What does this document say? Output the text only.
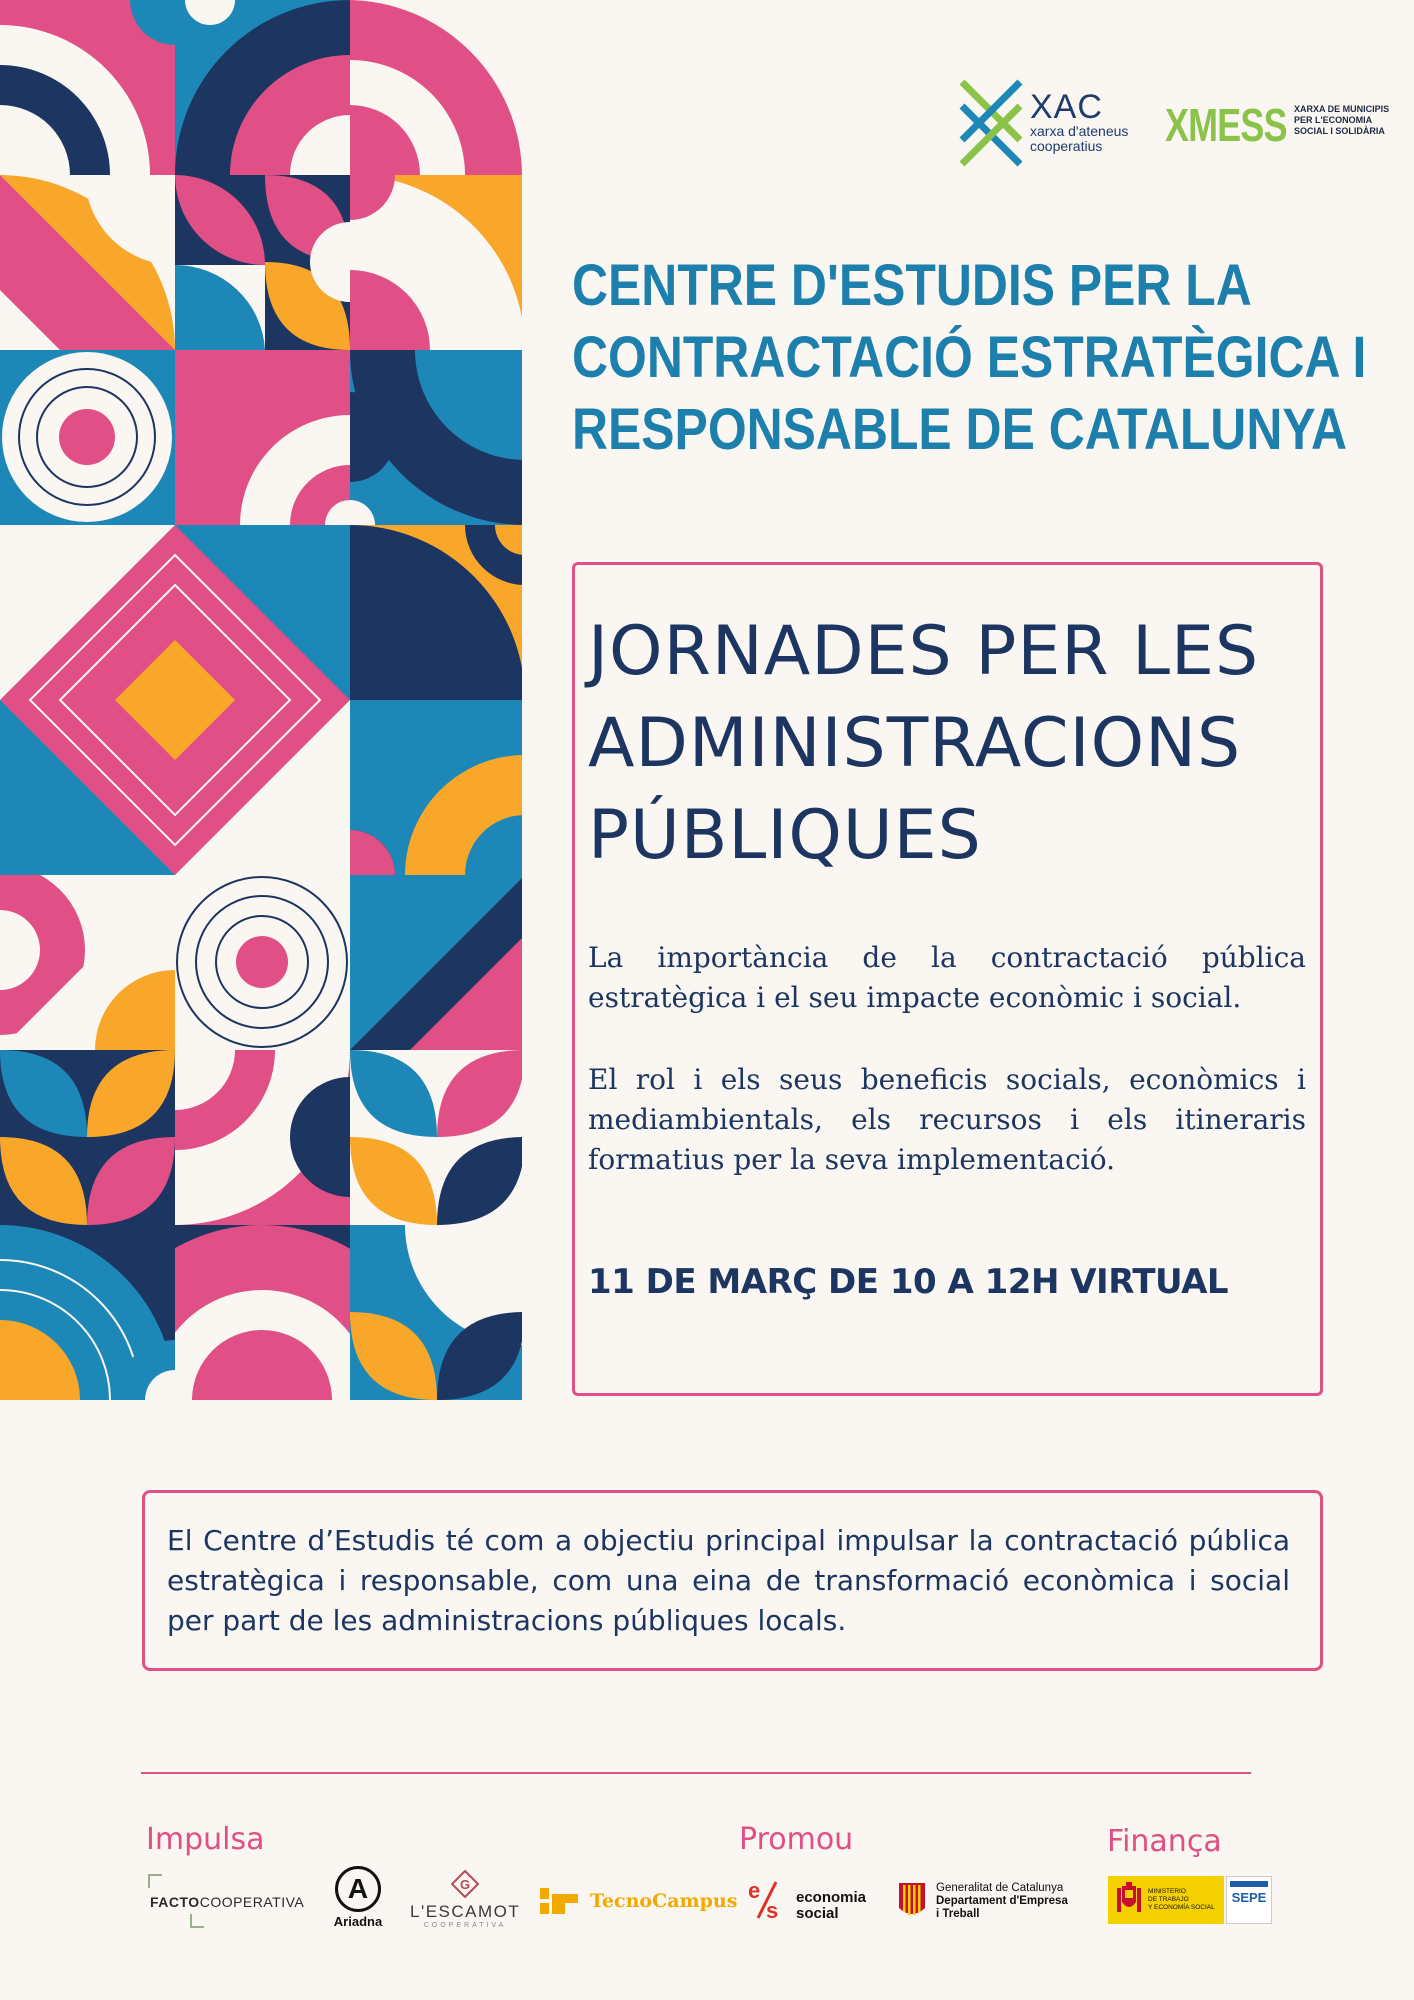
XAC
xarxa d'ateneus
cooperatius	XMESS XARXA DE MUNICIPIS
PER L'ECONOMIA
SOCIAL I SOLIDÀRIA
CENTRE D'ESTUDIS PER LA
CONTRACTACIÓ ESTRATÈGICA I
RESPONSABLE DE CATALUNYA
JORNADES PER LES
ADMINISTRACIONS
PÚBLIQUES
La importància de la contractació pública estratègica i el seu impacte econòmic i social.
El rol i els seus beneficis socials, econòmics i mediambientals, els recursos i els itineraris formatius per la seva implementació.
11 DE MARÇ DE 10 A 12H VIRTUAL
El Centre d’Estudis té com a objectiu principal impulsar la contractació pública estratègica i responsable, com una eina de transformació econòmica i social per part de les administracions públiques locals.
Impulsa	Promou	Finança
FACTOCOOPERATIVA	A
Ariadna
G
L'ESCAMOT
COOPERATIVA
TecnoCampus e
s
economia
social
Generalitat de Catalunya
Departament d'Empresa
i Treball
MINISTERIO
DE TRABAJO
Y ECONOMÍA SOCIAL
SEPE
